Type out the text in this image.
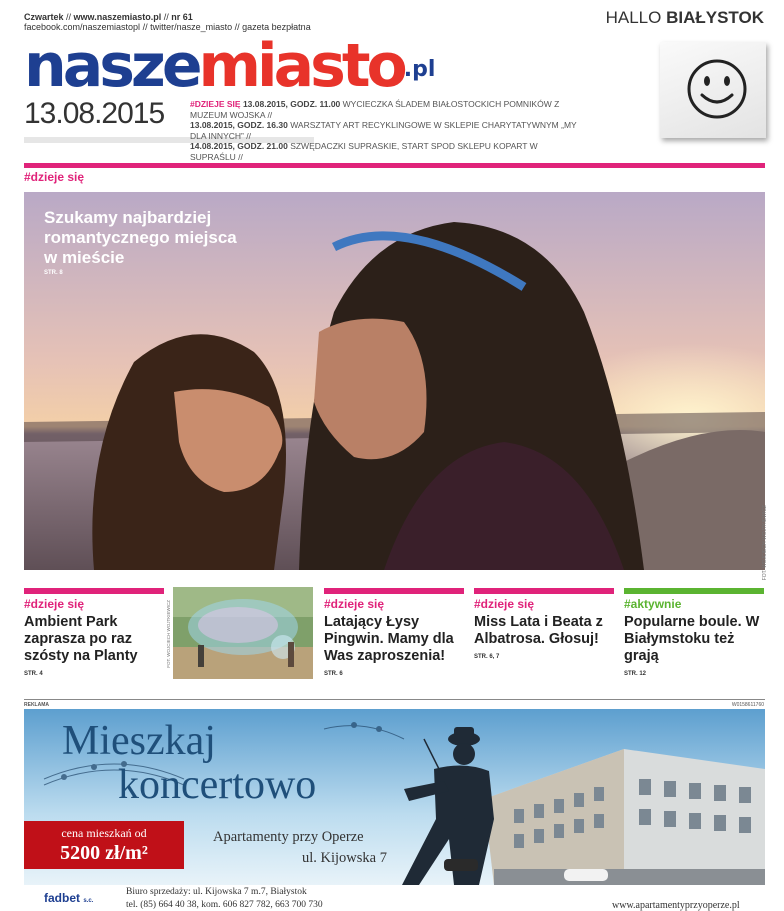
Czwartek // www.naszemiasto.pl // nr 61
facebook.com/naszemiastopl // twitter/nasze_miasto // gazeta bezpłatna
naszemiasto.pl
13.08.2015	#DZIEJE SIĘ 13.08.2015, GODZ. 11.00 WYCIECZKA ŚLADEM BIAŁOSTOCKICH POMNIKÓW Z MUZEUM WOJSKA //
13.08.2015, GODZ. 16.30 WARSZTATY ART RECYKLINGOWE W SKLEPIE CHARYTATYWNYM „MY DLA INNYCH” //
14.08.2015, GODZ. 21.00 SZWĘDACZKI SUPRASKIE, START SPOD SKLEPU KOPART W SUPRAŚLU //
HALLO BIAŁYSTOK
#dzieje się
Szukamy najbardziej romantycznego miejsca w mieście
STR. 8
FOT. WOJCIECH WOJTKIEWICZ
#dzieje się
Ambient Park zaprasza po raz szósty na Planty
STR. 4
FOT. WOJCIECH WOJTKIEWICZ	#dzieje się
Latający Łysy Pingwin. Mamy dla Was zaproszenia!
STR. 6
#dzieje się
Miss Lata i Beata z Albatrosa. Głosuj!
STR. 6, 7
#aktywnie
Popularne boule. W Białymstoku też grają
STR. 12
REKLAMA	W0158611760
Mieszkaj
koncertowo
cena mieszkań od
5200 zł/m²
Apartamenty przy Operze
ul. Kijowska 7
fadbet s.c.
Biuro sprzedaży: ul. Kijowska 7 m.7, Białystok
tel. (85) 664 40 38, kom. 606 827 782, 663 700 730	www.apartamentyprzyoperze.pl
